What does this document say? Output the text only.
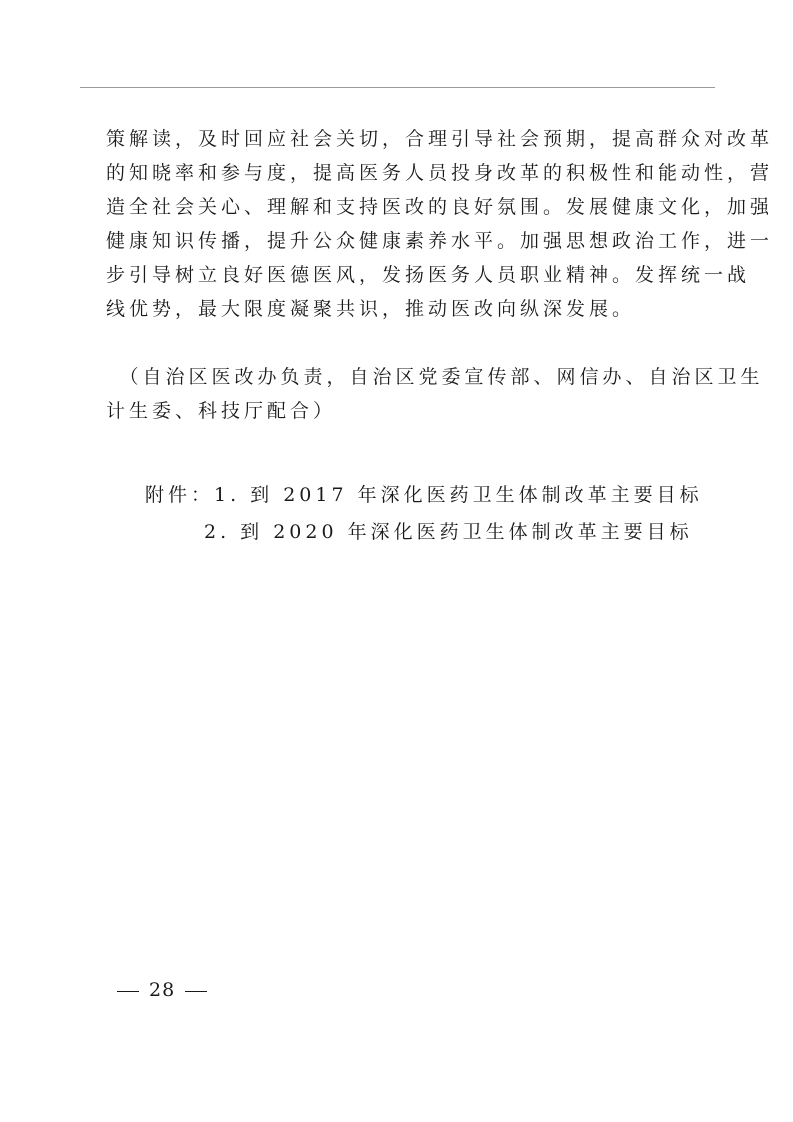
策解读，及时回应社会关切，合理引导社会预期，提高群众对改革
的知晓率和参与度，提高医务人员投身改革的积极性和能动性，营
造全社会关心、理解和支持医改的良好氛围。发展健康文化，加强
健康知识传播，提升公众健康素养水平。加强思想政治工作，进一
步引导树立良好医德医风，发扬医务人员职业精神。发挥统一战
线优势，最大限度凝聚共识，推动医改向纵深发展。
　（自治区医改办负责，自治区党委宣传部、网信办、自治区卫生
计生委、科技厅配合）
附件：1. 到 2017 年深化医药卫生体制改革主要目标
2. 到 2020 年深化医药卫生体制改革主要目标
28
